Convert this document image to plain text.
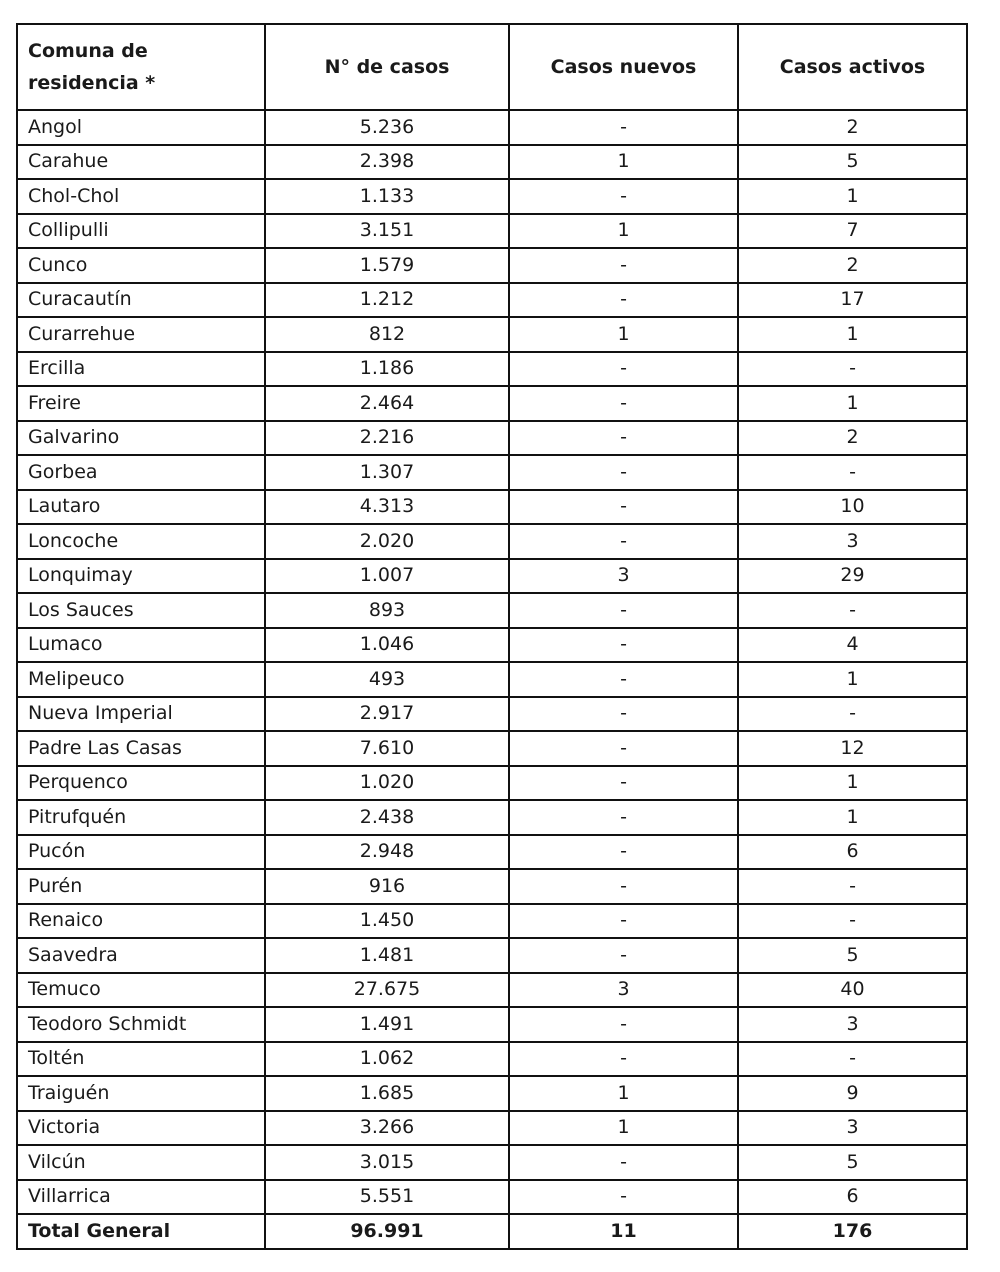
Comuna de residencia *	N° de casos	Casos nuevos	Casos activos
Angol	5.236	-	2
Carahue	2.398	1	5
Chol-Chol	1.133	-	1
Collipulli	3.151	1	7
Cunco	1.579	-	2
Curacautín	1.212	-	17
Curarrehue	812	1	1
Ercilla	1.186	-	-
Freire	2.464	-	1
Galvarino	2.216	-	2
Gorbea	1.307	-	-
Lautaro	4.313	-	10
Loncoche	2.020	-	3
Lonquimay	1.007	3	29
Los Sauces	893	-	-
Lumaco	1.046	-	4
Melipeuco	493	-	1
Nueva Imperial	2.917	-	-
Padre Las Casas	7.610	-	12
Perquenco	1.020	-	1
Pitrufquén	2.438	-	1
Pucón	2.948	-	6
Purén	916	-	-
Renaico	1.450	-	-
Saavedra	1.481	-	5
Temuco	27.675	3	40
Teodoro Schmidt	1.491	-	3
Toltén	1.062	-	-
Traiguén	1.685	1	9
Victoria	3.266	1	3
Vilcún	3.015	-	5
Villarrica	5.551	-	6
Total General	96.991	11	176
